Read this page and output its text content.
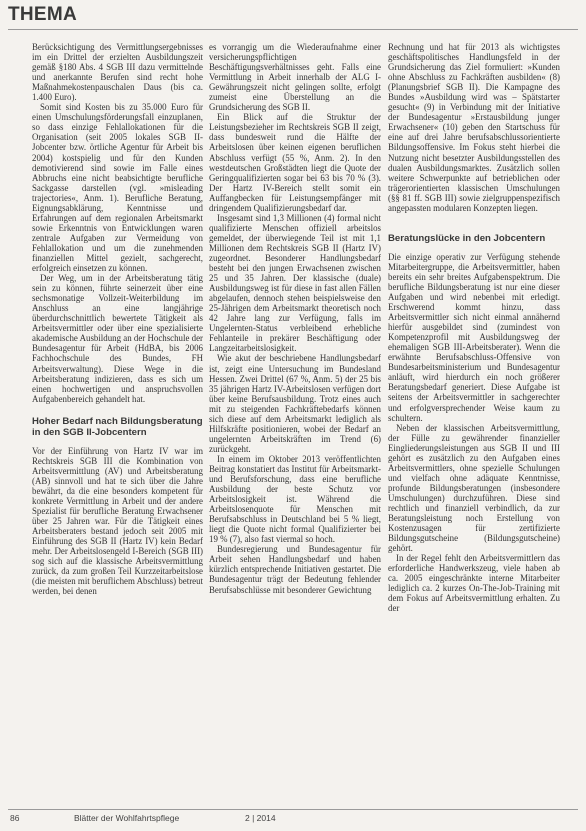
THEMA

Berücksichtigung des Vermittlungsergebnisses im ein Drittel der erzielten Ausbildungszeit gemäß §180 Abs. 4 SGB III dazu vermittelnde und anerkannte Berufen sind recht hohe Maßnahmekostenpauschalen Daus (bis ca. 1.400 Euro).

Somit sind Kosten bis zu 35.000 Euro für einen Umschulungsförderungsfall einzuplanen, so dass einzige Fehlallokationen für die Organisation (seit 2005 lokales SGB II-Jobcenter bzw. örtliche Agentur für Arbeit bis 2004) kostspielig und für den Kunden demotivierend sind sowie im Falle eines Abbruchs eine nicht beabsichtigte berufliche Sackgasse darstellen (vgl. »misleading trajectories«, Anm. 1). Berufliche Beratung, Eignungsabklärung, Kenntnisse und Erfahrungen auf dem regionalen Arbeitsmarkt sowie Erkenntnis von Entwicklungen waren zentrale Aufgaben zur Vermeidung von Fehlallokation und um die zunehmenden finanziellen Mittel gezielt, sachgerecht, erfolgreich einsetzen zu können.

Der Weg, um in der Arbeitsberatung tätig sein zu können, führte seinerzeit über eine sechsmonatige Vollzeit-Weiterbildung im Anschluss an eine langjährige überdurchschnittlich bewertete Tätigkeit als Arbeitsvermittler oder über eine spezialisierte akademische Ausbildung an der Hochschule der Bundesagentur für Arbeit (HdBA, bis 2006 Fachhochschule des Bundes, FH Arbeitsverwaltung). Diese Wege in die Arbeitsberatung indizieren, dass es sich um einen hochwertigen und anspruchsvollen Aufgabenbereich gehandelt hat.

Hoher Bedarf nach Bildungsberatung in den SGB II-Jobcentern

Vor der Einführung von Hartz IV war im Rechtskreis SGB III die Kombination von Arbeitsvermittlung (AV) und Arbeitsberatung (AB) sinnvoll und hat te sich über die Jahre bewährt, da die eine besonders kompetent für konkrete Vermittlung in Arbeit und der andere Spezialist für berufliche Beratung Erwachsener über 25 Jahren war. Für die Tätigkeit eines Arbeitsberaters bestand jedoch seit 2005 mit Einführung des SGB II (Hartz IV) kein Bedarf mehr. Der Arbeitslosengeld I-Bereich (SGB III) sog sich auf die klassische Arbeitsvermittlung zurück, da zum großen Teil Kurzzeitarbeitslose (die meisten mit beruflichem Abschluss) betreut werden, bei denen

es vorrangig um die Wiederaufnahme einer versicherungspflichtigen Beschäftigungsverhältnisses geht. Falls eine Vermittlung in Arbeit innerhalb der ALG I-Gewährungszeit nicht gelingen sollte, erfolgt zumeist eine Überstellung an die Grundsicherung des SGB II.

Ein Blick auf die Struktur der Leistungsbezieher im Rechtskreis SGB II zeigt, dass bundesweit rund die Hälfte der Arbeitslosen über keinen eigenen beruflichen Abschluss verfügt (55 %, Anm. 2). In den westdeutschen Großstädten liegt die Quote der Geringqualifizierten sogar bei 63 bis 70 % (3). Der Hartz IV-Bereich stellt somit ein Auffangbecken für Leistungsempfänger mit dringendem Qualifizierungsbedarf dar.

Insgesamt sind 1,3 Millionen (4) formal nicht qualifizierte Menschen offiziell arbeitslos gemeldet, der überwiegende Teil ist mit 1,1 Millionen dem Rechtskreis SGB II (Hartz IV) zugeordnet. Besonderer Handlungsbedarf besteht bei den jungen Erwachsenen zwischen 25 und 35 Jahren. Der klassische (duale) Ausbildungsweg ist für diese in fast allen Fällen abgelaufen, dennoch stehen beispielsweise den 25-Jährigen dem Arbeitsmarkt theoretisch noch 42 Jahre lang zur Verfügung, falls im Ungelernten-Status verbleibend erhebliche Fehlanteile in prekärer Beschäftigung oder Langzeitarbeitslosigkeit.

Wie akut der beschriebene Handlungsbedarf ist, zeigt eine Untersuchung im Bundesland Hessen. Zwei Drittel (67 %, Anm. 5) der 25 bis 35 jährigen Hartz IV-Arbeitslosen verfügen dort über keine Berufsausbildung. Trotz eines auch mit zu steigenden Fachkräftebedarfs können sich diese auf dem Arbeitsmarkt lediglich als Hilfskräfte positionieren, wobei der Bedarf an ungelernten Arbeitskräften im Trend (6) zurückgeht.

In einem im Oktober 2013 veröffentlichten Beitrag konstatiert das Institut für Arbeitsmarkt- und Berufsforschung, dass eine berufliche Ausbildung der beste Schutz vor Arbeitslosigkeit ist. Während die Arbeitslosenquote für Menschen mit Berufsabschluss in Deutschland bei 5 % liegt, liegt die Quote nicht formal Qualifizierter bei 19 % (7), also fast viermal so hoch.

Bundesregierung und Bundesagentur für Arbeit sehen Handlungsbedarf und haben kürzlich entsprechende Initiativen gestartet. Die Bundesagentur trägt der Bedeutung fehlender Berufsabschlüsse mit besonderer Gewichtung

Rechnung und hat für 2013 als wichtigstes geschäftspolitisches Handlungsfeld in der Grundsicherung das Ziel formuliert: »Kunden ohne Abschluss zu Fachkräften ausbilden« (8) (Planungsbrief SGB II). Die Kampagne des Bundes »Ausbildung wird was – Spätstarter gesucht« (9) in Verbindung mit der Initiative der Bundesagentur »Erstausbildung junger Erwachsener« (10) geben den Startschuss für eine auf drei Jahre berufsabschlussorientierte Bildungsoffensive. Im Fokus steht hierbei die Nutzung nicht besetzter Ausbildungsstellen des dualen Ausbildungsmarktes. Zusätzlich sollen weitere Schwerpunkte auf betrieblichen oder trägerorientierten klassischen Umschulungen (§§ 81 ff. SGB III) sowie zielgruppenspezifisch angepassten modularen Konzepten liegen.

Beratungslücke in den Jobcentern

Die einzige operativ zur Verfügung stehende Mitarbeitergruppe, die Arbeitsvermittler, haben bereits ein sehr breites Aufgabenspektrum. Die berufliche Bildungsberatung ist nur eine dieser Aufgaben und wird nebenbei mit erledigt. Erschwerend kommt hinzu, dass Arbeitsvermittler sich nicht einmal annähernd hierfür ausgebildet sind (zumindest von Kompetenzprofil mit Ausbildungsweg der ehemaligen SGB III-Arbeitsberater). Wenn die erwähnte Berufsabschluss-Offensive von Bundesarbeitsministerium und Bundesagentur anläuft, wird hierdurch ein noch größerer Beratungsbedarf generiert. Diese Aufgabe ist seitens der Arbeitsvermittler in sachgerechter und erfolgversprechender Weise kaum zu schultern.

Neben der klassischen Arbeitsvermittlung, der Fülle zu gewährender finanzieller Eingliederungsleistungen aus SGB II und III gehört es zusätzlich zu den Aufgaben eines Arbeitsvermittlers, ohne spezielle Schulungen und vielfach ohne adäquate Kenntnisse, profunde Bildungsberatungen (insbesondere Umschulungen) durchzuführen. Diese sind rechtlich und finanziell verbindlich, da zur Beratungsleistung noch Erstellung von Kostenzusagen für zertifizierte Bildungsgutscheine (Bildungsgutscheine) gehört.

In der Regel fehlt den Arbeitsvermittlern das erforderliche Handwerkszeug, viele haben ab ca. 2005 eingeschränkte interne Mitarbeiter lediglich ca. 2 kurzes On-The-Job-Training mit dem Fokus auf Arbeitsvermittlung erhalten. Zu der

86	Blätter der Wohlfahrtspflege	2 | 2014
